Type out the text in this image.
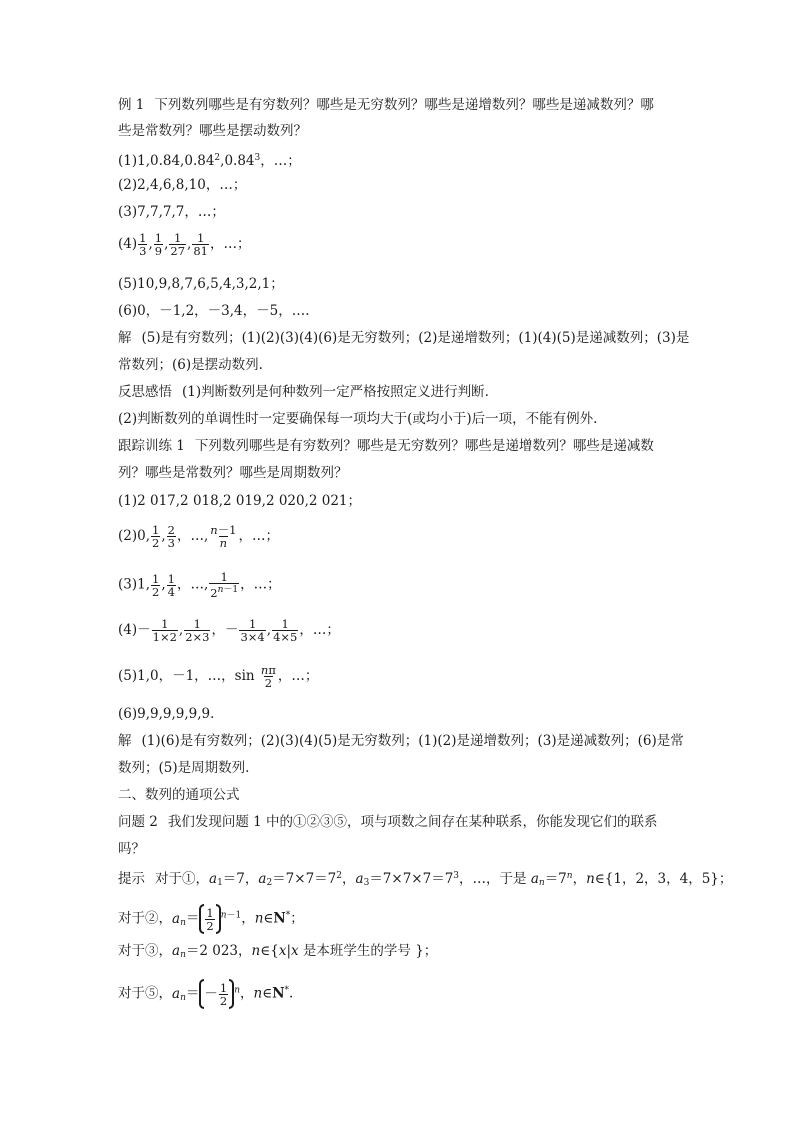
例 1 下列数列哪些是有穷数列？哪些是无穷数列？哪些是递增数列？哪些是递减数列？哪
些是常数列？哪些是摆动数列？
(1)1,0.84,0.84$^2$,0.84$^3$，…；
(2)2,4,6,8,10，…；
(3)7,7,7,7，…；
$(4) \frac{1}{3}$ , $\frac{1}{9}$ , $\frac{1}{27}$ , $\frac{1}{81}$ ，…；
(5)10,9,8,7,6,5,4,3,2,1；
(6)0，－1,2，－3,4，－5，….
解 (5)是有穷数列；(1)(2)(3)(4)(6)是无穷数列；(2)是递增数列；(1)(4)(5)是递减数列；(3)是
常数列；(6)是摆动数列.
反思感悟 (1)判断数列是何种数列一定严格按照定义进行判断.
(2)判断数列的单调性时一定要确保每一项均大于(或均小于)后一项，不能有例外.
跟踪训练 1 下列数列哪些是有穷数列？哪些是无穷数列？哪些是递增数列？哪些是递减数
列？哪些是常数列？哪些是周期数列？
(1)2 017,2 018,2 019,2 020,2 021；
(2)0, $\frac{1}{2}$ , $\frac{2}{3}$ ，…, $\frac{n-1}{n}$ ，…；
(3)1, $\frac{1}{2}$ , $\frac{1}{4}$ ，…, $\frac{1}{2^{n-1}}$ ，…；
$(4)- \frac{1}{1\times 2}$ , $\frac{1}{2\times 3}$ ，－ $\frac{1}{3\times 4}$ , $\frac{1}{4\times 5}$ ，…；
(5)1,0，－1，…，$\sin \frac{n\pi}{2}$ ，…；
(6)9,9,9,9,9,9.
解 (1)(6)是有穷数列；(2)(3)(4)(5)是无穷数列；(1)(2)是递增数列；(3)是递减数列；(6)是常
数列；(5)是周期数列.
二、数列的通项公式
问题 2 我们发现问题 1 中的①②③⑤，项与项数之间存在某种联系，你能发现它们的联系
吗？
提示 对于①，$a_1=7$，$a_2=7\times 7=7^2$，$a_3=7\times 7\times 7=7^3$，…，于是 $a_n=7^n$，n∈{1，2，3，4，5}；
对于②，$a_n= \frac{1}{2} ^{n-1}$，n∈N*；
对于③，$a_n=2$ 023，n∈{x|x 是本班学生的学号 }；
对于⑤，$a_n= - \frac{1}{2} ^n$，n∈N*.
